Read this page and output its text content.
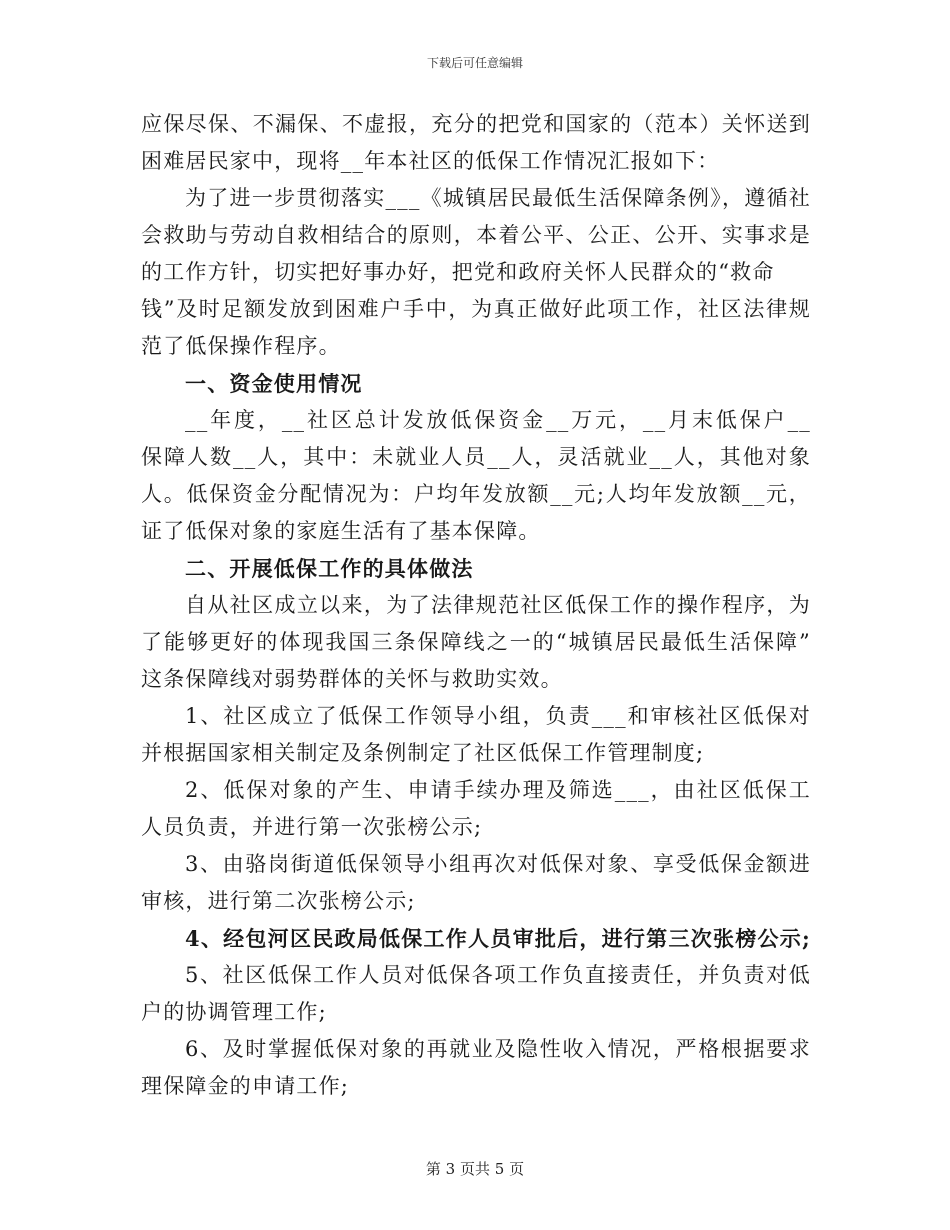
下载后可任意编辑
应保尽保、不漏保、不虚报，充分的把党和国家的（范本）关怀送到
困难居民家中，现将__年本社区的低保工作情况汇报如下：
为了进一步贯彻落实___《城镇居民最低生活保障条例》，遵循社
会救助与劳动自救相结合的原则，本着公平、公正、公开、实事求是
的工作方针，切实把好事办好，把党和政府关怀人民群众的“救命
钱”及时足额发放到困难户手中，为真正做好此项工作，社区法律规
范了低保操作程序。
一、资金使用情况
__年度，__社区总计发放低保资金__万元，__月末低保户__
保障人数__人，其中：未就业人员__人，灵活就业__人，其他对象
人。低保资金分配情况为：户均年发放额__元;人均年发放额__元，
证了低保对象的家庭生活有了基本保障。
二、开展低保工作的具体做法
自从社区成立以来，为了法律规范社区低保工作的操作程序，为
了能够更好的体现我国三条保障线之一的“城镇居民最低生活保障”
这条保障线对弱势群体的关怀与救助实效。
1、社区成立了低保工作领导小组，负责___和审核社区低保对
并根据国家相关制定及条例制定了社区低保工作管理制度;
2、低保对象的产生、申请手续办理及筛选___，由社区低保工
人员负责，并进行第一次张榜公示;
3、由骆岗街道低保领导小组再次对低保对象、享受低保金额进
审核，进行第二次张榜公示;
4、经包河区民政局低保工作人员审批后，进行第三次张榜公示;
5、社区低保工作人员对低保各项工作负直接责任，并负责对低
户的协调管理工作;
6、及时掌握低保对象的再就业及隐性收入情况，严格根据要求
理保障金的申请工作;
第 3 页共 5 页
